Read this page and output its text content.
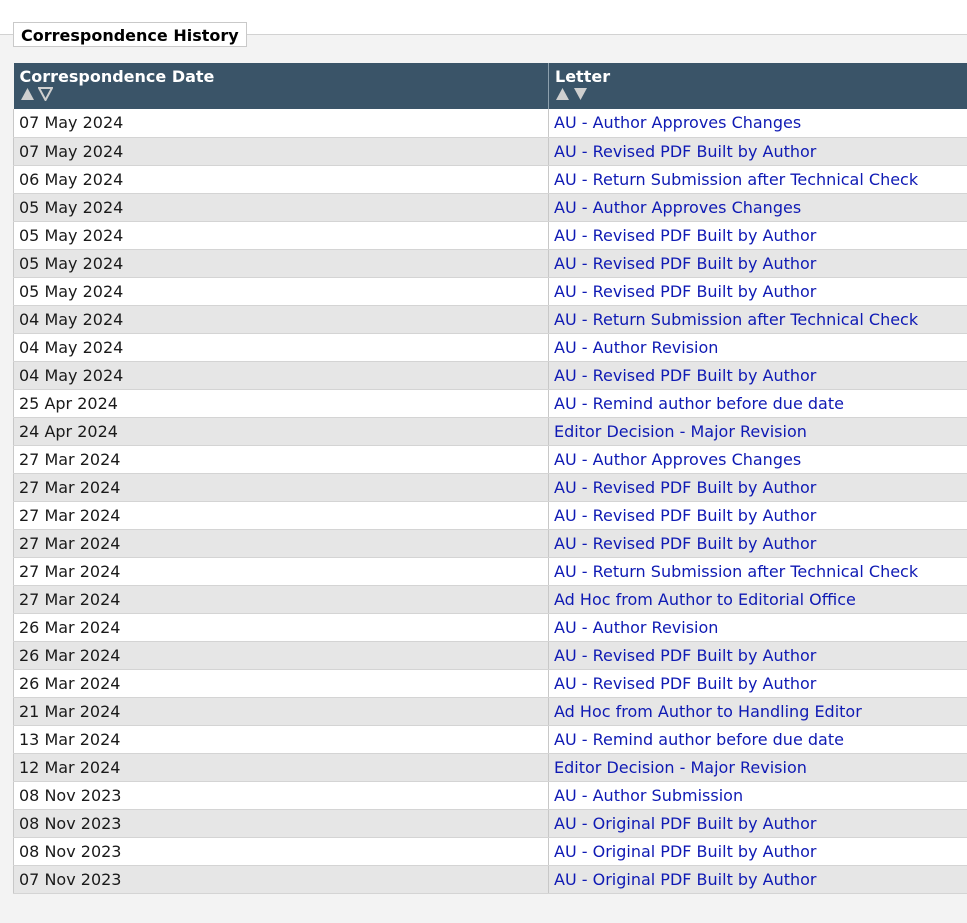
Correspondence History
Correspondence Date	Letter

07 May 2024	AU - Author Approves Changes
07 May 2024	AU - Revised PDF Built by Author
06 May 2024	AU - Return Submission after Technical Check
05 May 2024	AU - Author Approves Changes
05 May 2024	AU - Revised PDF Built by Author
05 May 2024	AU - Revised PDF Built by Author
05 May 2024	AU - Revised PDF Built by Author
04 May 2024	AU - Return Submission after Technical Check
04 May 2024	AU - Author Revision
04 May 2024	AU - Revised PDF Built by Author
25 Apr 2024	AU - Remind author before due date
24 Apr 2024	Editor Decision - Major Revision
27 Mar 2024	AU - Author Approves Changes
27 Mar 2024	AU - Revised PDF Built by Author
27 Mar 2024	AU - Revised PDF Built by Author
27 Mar 2024	AU - Revised PDF Built by Author
27 Mar 2024	AU - Return Submission after Technical Check
27 Mar 2024	Ad Hoc from Author to Editorial Office
26 Mar 2024	AU - Author Revision
26 Mar 2024	AU - Revised PDF Built by Author
26 Mar 2024	AU - Revised PDF Built by Author
21 Mar 2024	Ad Hoc from Author to Handling Editor
13 Mar 2024	AU - Remind author before due date
12 Mar 2024	Editor Decision - Major Revision
08 Nov 2023	AU - Author Submission
08 Nov 2023	AU - Original PDF Built by Author
08 Nov 2023	AU - Original PDF Built by Author
07 Nov 2023	AU - Original PDF Built by Author
